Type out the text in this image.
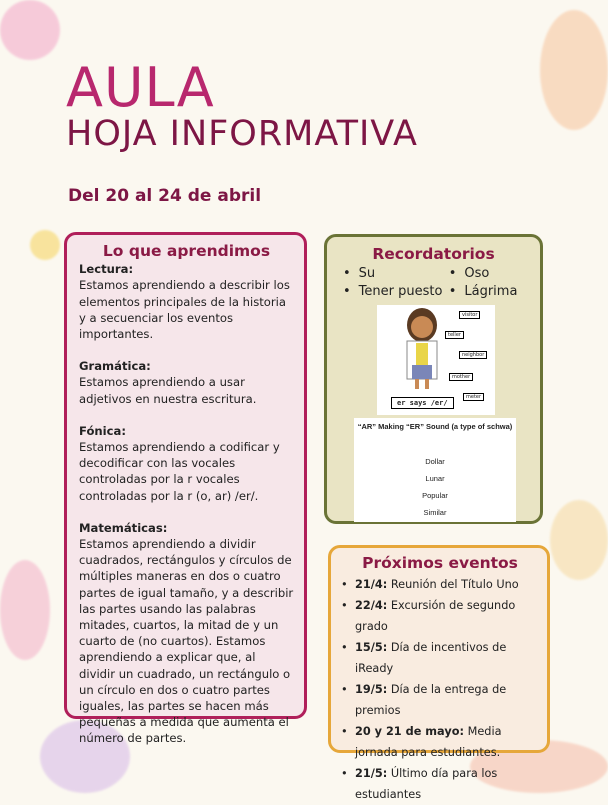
AULA
HOJA INFORMATIVA
Del 20 al 24 de abril
Lo que aprendimos
Lectura:
Estamos aprendiendo a describir los elementos principales de la historia y a secuenciar los eventos importantes.
Gramática:
Estamos aprendiendo a usar adjetivos en nuestra escritura.
Fónica:
Estamos aprendiendo a codificar y decodificar con las vocales controladas por la r vocales controladas por la r (o, ar) /er/.
Matemáticas:
Estamos aprendiendo a dividir cuadrados, rectángulos y círculos de múltiples maneras en dos o cuatro partes de igual tamaño, y a describir las partes usando las palabras mitades, cuartos, la mitad de y un cuarto de (no cuartos). Estamos aprendiendo a explicar que, al dividir un cuadrado, un rectángulo o un círculo en dos o cuatro partes iguales, las partes se hacen más pequeñas a medida que aumenta el número de partes.
Recordatorios
• Su	• Oso
• Tener puesto	• Lágrima
er says /er/
visitor
teller
neighbor
mother
meter
“AR” Making “ER” Sound (a type of schwa)
Dollar
Lunar
Popular
Similar
Próximos eventos
• 21/4: Reunión del Título Uno
• 22/4: Excursión de segundo grado
• 15/5: Día de incentivos de iReady
• 19/5: Día de la entrega de premios
• 20 y 21 de mayo: Media jornada para estudiantes.
• 21/5: Último día para los estudiantes
